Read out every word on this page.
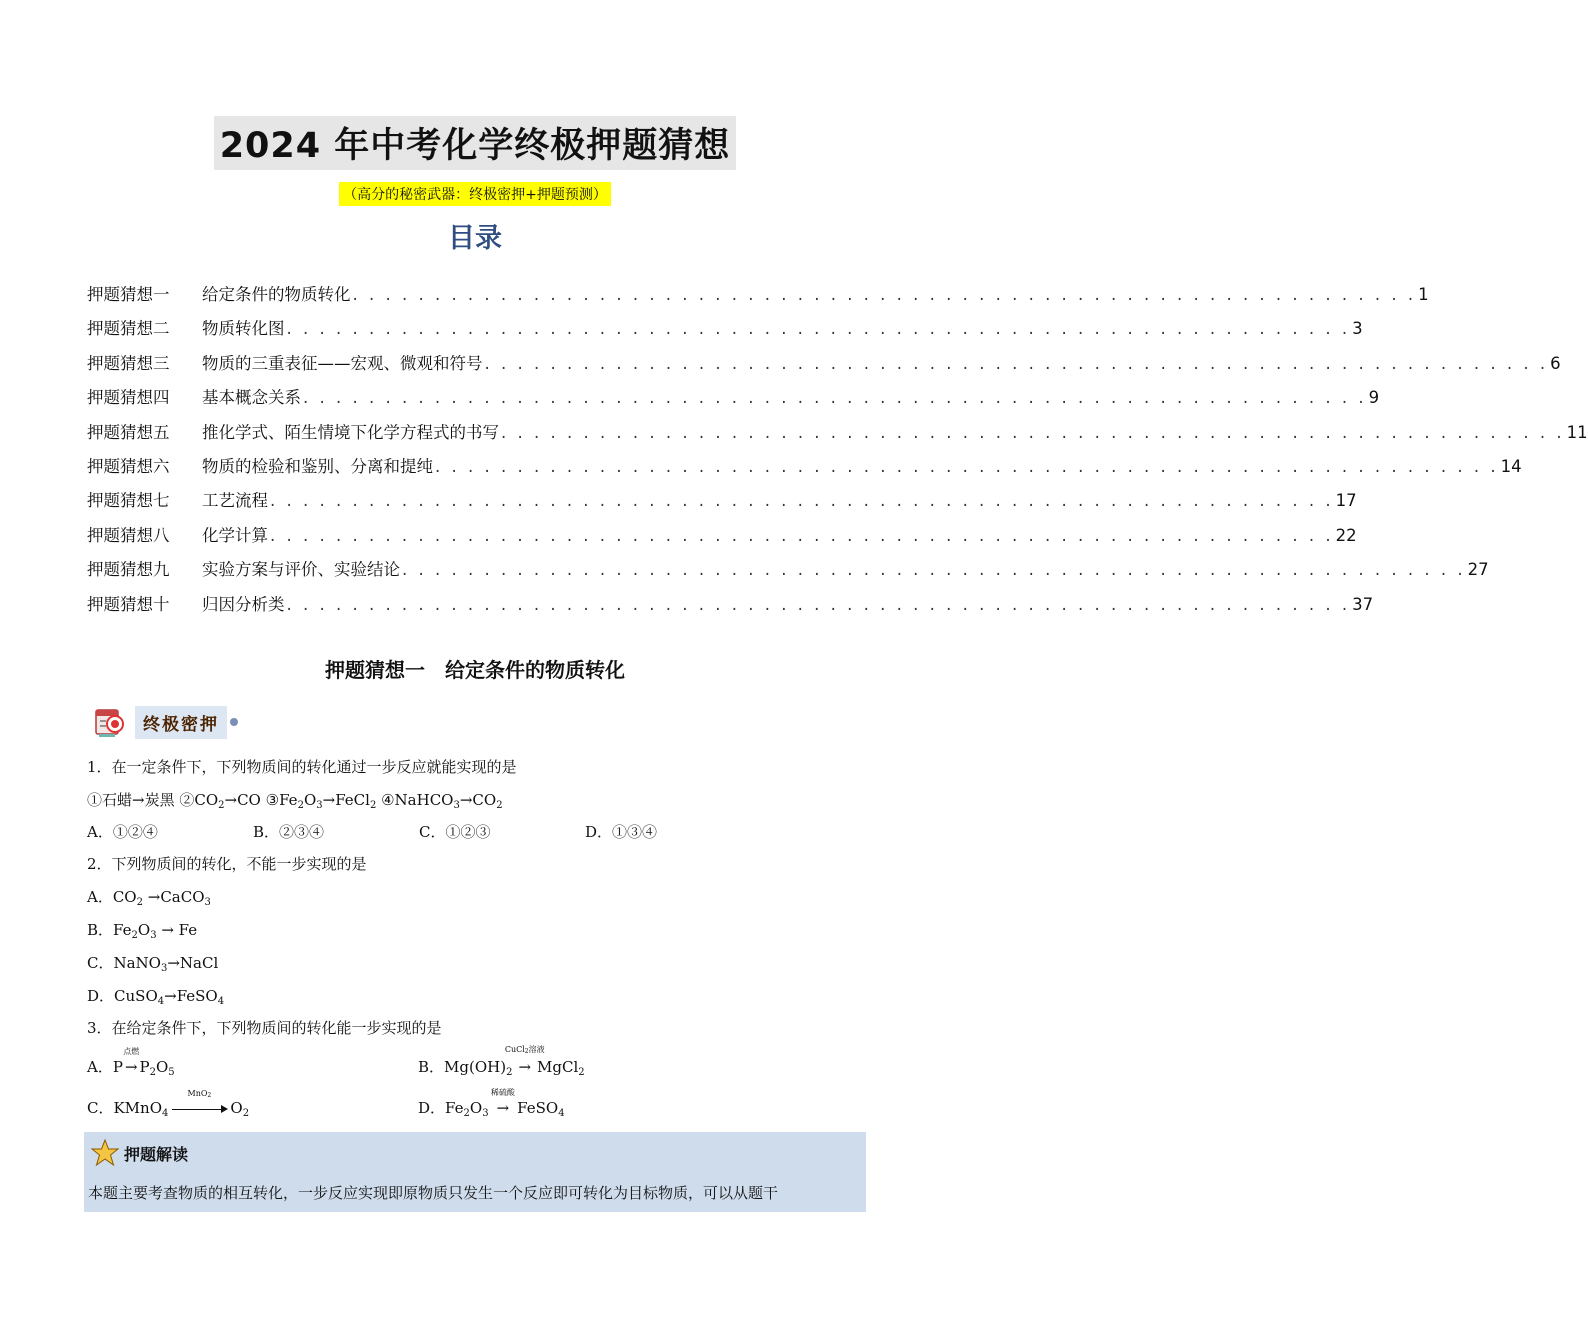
2024 年中考化学终极押题猜想
（高分的秘密武器：终极密押+押题预测）
目录
押题猜想一	给定条件的物质转化 . . . . . . . . . . . . . . . . . . . . . . . . . . . . . . . . . . . . . . . . . . . . . . . . . . . . . . . . . . . . . . . . . 1
押题猜想二	物质转化图 . . . . . . . . . . . . . . . . . . . . . . . . . . . . . . . . . . . . . . . . . . . . . . . . . . . . . . . . . . . . . . . . . 3
押题猜想三	物质的三重表征——宏观、微观和符号 . . . . . . . . . . . . . . . . . . . . . . . . . . . . . . . . . . . . . . . . . . . . . . . . . . . . . . . . . . . . . . . . . 6
押题猜想四	基本概念关系 . . . . . . . . . . . . . . . . . . . . . . . . . . . . . . . . . . . . . . . . . . . . . . . . . . . . . . . . . . . . . . . . . 9
押题猜想五	推化学式、陌生情境下化学方程式的书写 . . . . . . . . . . . . . . . . . . . . . . . . . . . . . . . . . . . . . . . . . . . . . . . . . . . . . . . . . . . . . . . . . 11
押题猜想六	物质的检验和鉴别、分离和提纯 . . . . . . . . . . . . . . . . . . . . . . . . . . . . . . . . . . . . . . . . . . . . . . . . . . . . . . . . . . . . . . . . . 14
押题猜想七	工艺流程 . . . . . . . . . . . . . . . . . . . . . . . . . . . . . . . . . . . . . . . . . . . . . . . . . . . . . . . . . . . . . . . . . 17
押题猜想八	化学计算 . . . . . . . . . . . . . . . . . . . . . . . . . . . . . . . . . . . . . . . . . . . . . . . . . . . . . . . . . . . . . . . . . 22
押题猜想九	实验方案与评价、实验结论 . . . . . . . . . . . . . . . . . . . . . . . . . . . . . . . . . . . . . . . . . . . . . . . . . . . . . . . . . . . . . . . . . 27
押题猜想十	归因分析类 . . . . . . . . . . . . . . . . . . . . . . . . . . . . . . . . . . . . . . . . . . . . . . . . . . . . . . . . . . . . . . . . . 37
押题猜想一　给定条件的物质转化
终极密押
1．在一定条件下，下列物质间的转化通过一步反应就能实现的是
①石蜡→炭黑 $②CO_2\to CO$ $③Fe_2O_3\to FeCl_2$ $④NaHCO_3\to CO_2$
A．①②④	B．②③④	C．①②③	D．①③④
2．下列物质间的转化，不能一步实现的是
A．$CO_2$ →CaCO$_3$
B．$Fe_2O_3 \to Fe$
C．NaNO$_3$→NaCl
D．CuSO$_4$→FeSO$_4$
3．在给定条件下，下列物质间的转化能一步实现的是
A．P
点燃
→ $P_2O_5$	B．$Mg(OH)_2$
CuCl$_2$溶液
→ MgCl$_2$
C．KMnO$_4$
MnO$_2$
$O_2$	D．$Fe_2O_3$
稀硫酸
→ FeSO$_4$
押题解读
本题主要考查物质的相互转化，一步反应实现即原物质只发生一个反应即可转化为目标物质，可以从题干
